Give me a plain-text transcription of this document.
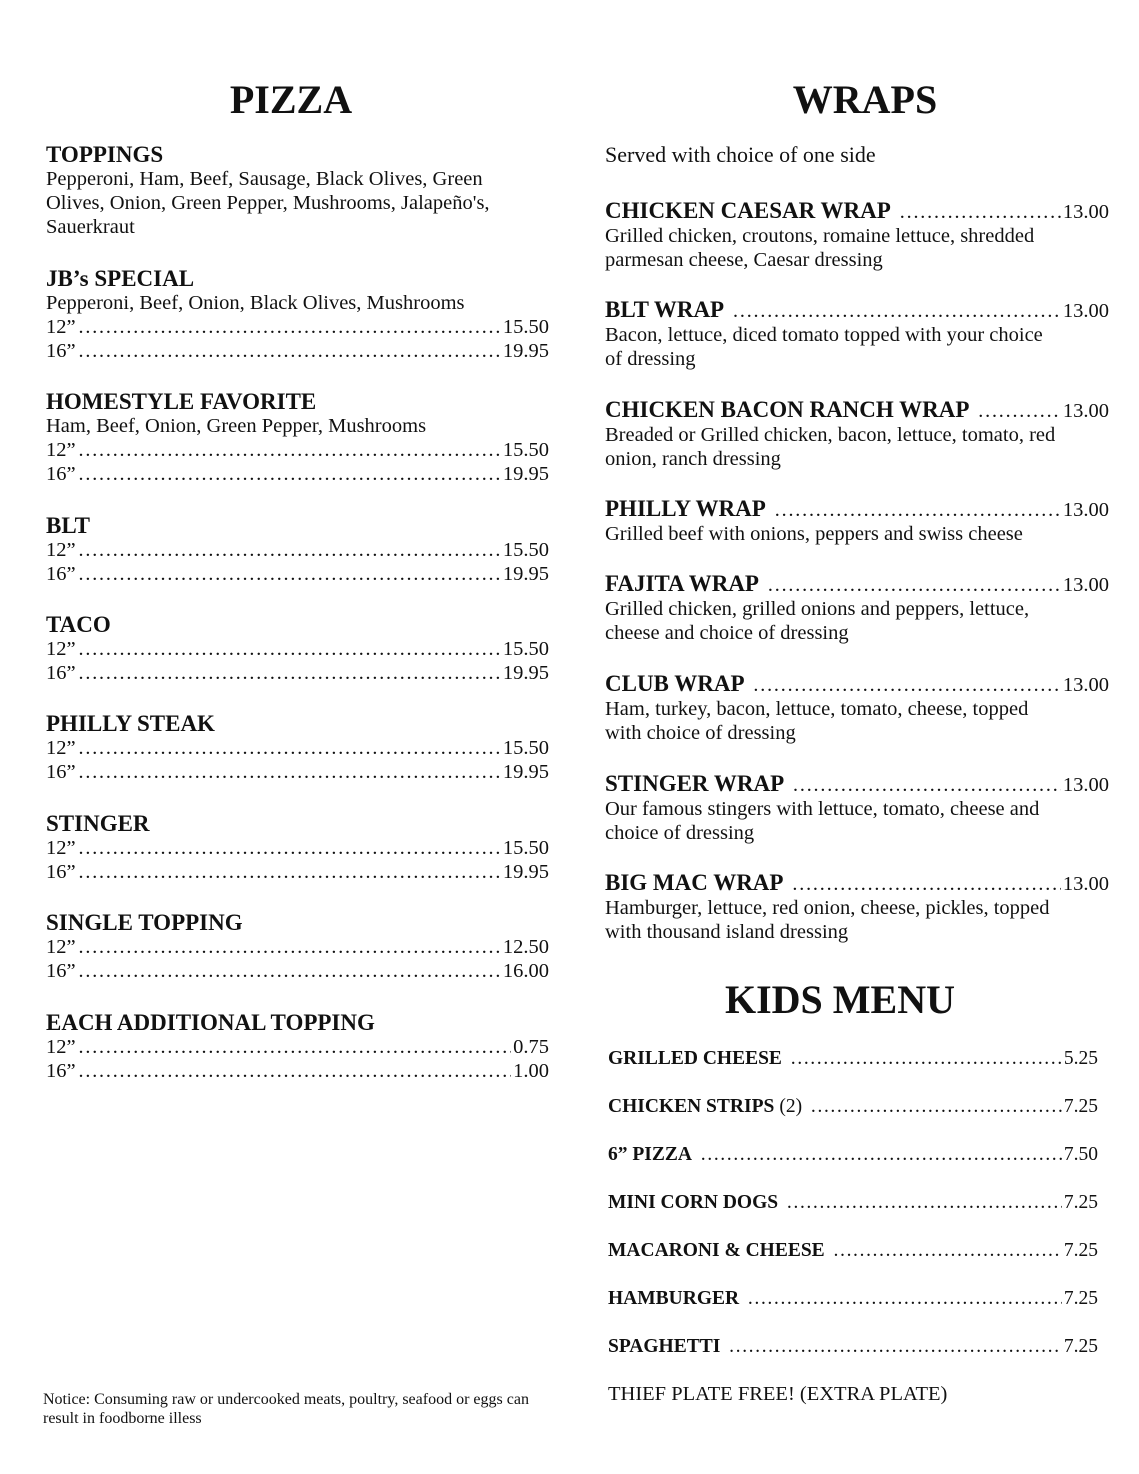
PIZZA
TOPPINGS
Pepperoni, Ham, Beef, Sausage, Black Olives, Green
Olives, Onion, Green Pepper, Mushrooms, Jalapeño's,
Sauerkraut
JB’s SPECIAL
Pepperoni, Beef, Onion, Black Olives, Mushrooms
12” ……………………………………………………………………………………………………………………………………	15.50
16” ……………………………………………………………………………………………………………………………………	19.95
HOMESTYLE FAVORITE
Ham, Beef, Onion, Green Pepper, Mushrooms
12” ……………………………………………………………………………………………………………………………………	15.50
16” ……………………………………………………………………………………………………………………………………	19.95
BLT
12” ……………………………………………………………………………………………………………………………………	15.50
16” ……………………………………………………………………………………………………………………………………	19.95
TACO
12” ……………………………………………………………………………………………………………………………………	15.50
16” ……………………………………………………………………………………………………………………………………	19.95
PHILLY STEAK
12” ……………………………………………………………………………………………………………………………………	15.50
16” ……………………………………………………………………………………………………………………………………	19.95
STINGER
12” ……………………………………………………………………………………………………………………………………	15.50
16” ……………………………………………………………………………………………………………………………………	19.95
SINGLE TOPPING
12” ……………………………………………………………………………………………………………………………………	12.50
16” ……………………………………………………………………………………………………………………………………	16.00
EACH ADDITIONAL TOPPING
12” ……………………………………………………………………………………………………………………………………	0.75
16” ……………………………………………………………………………………………………………………………………	1.00
WRAPS
Served with choice of one side
CHICKEN CAESAR WRAP ……………………………………………………………………………………………………………………………………	13.00
Grilled chicken, croutons, romaine lettuce, shredded
parmesan cheese, Caesar dressing
BLT WRAP ……………………………………………………………………………………………………………………………………	13.00
Bacon, lettuce, diced tomato topped with your choice
of dressing
CHICKEN BACON RANCH WRAP ……………………………………………………………………………………………………………………………………	13.00
Breaded or Grilled chicken, bacon, lettuce, tomato, red
onion, ranch dressing
PHILLY WRAP ……………………………………………………………………………………………………………………………………	13.00
Grilled beef with onions, peppers and swiss cheese
FAJITA WRAP ……………………………………………………………………………………………………………………………………	13.00
Grilled chicken, grilled onions and peppers, lettuce,
cheese and choice of dressing
CLUB WRAP ……………………………………………………………………………………………………………………………………	13.00
Ham, turkey, bacon, lettuce, tomato, cheese, topped
with choice of dressing
STINGER WRAP ……………………………………………………………………………………………………………………………………	13.00
Our famous stingers with lettuce, tomato, cheese and
choice of dressing
BIG MAC WRAP ……………………………………………………………………………………………………………………………………	13.00
Hamburger, lettuce, red onion, cheese, pickles, topped
with thousand island dressing
KIDS MENU
GRILLED CHEESE ……………………………………………………………………………………………………………………………………	5.25
CHICKEN STRIPS (2) ……………………………………………………………………………………………………………………………………	7.25
6” PIZZA ……………………………………………………………………………………………………………………………………	7.50
MINI CORN DOGS ……………………………………………………………………………………………………………………………………	7.25
MACARONI & CHEESE ……………………………………………………………………………………………………………………………………	7.25
HAMBURGER ……………………………………………………………………………………………………………………………………	7.25
SPAGHETTI ……………………………………………………………………………………………………………………………………	7.25
THIEF PLATE FREE! (EXTRA PLATE)
Notice: Consuming raw or undercooked meats, poultry, seafood or eggs can result in foodborne illess
